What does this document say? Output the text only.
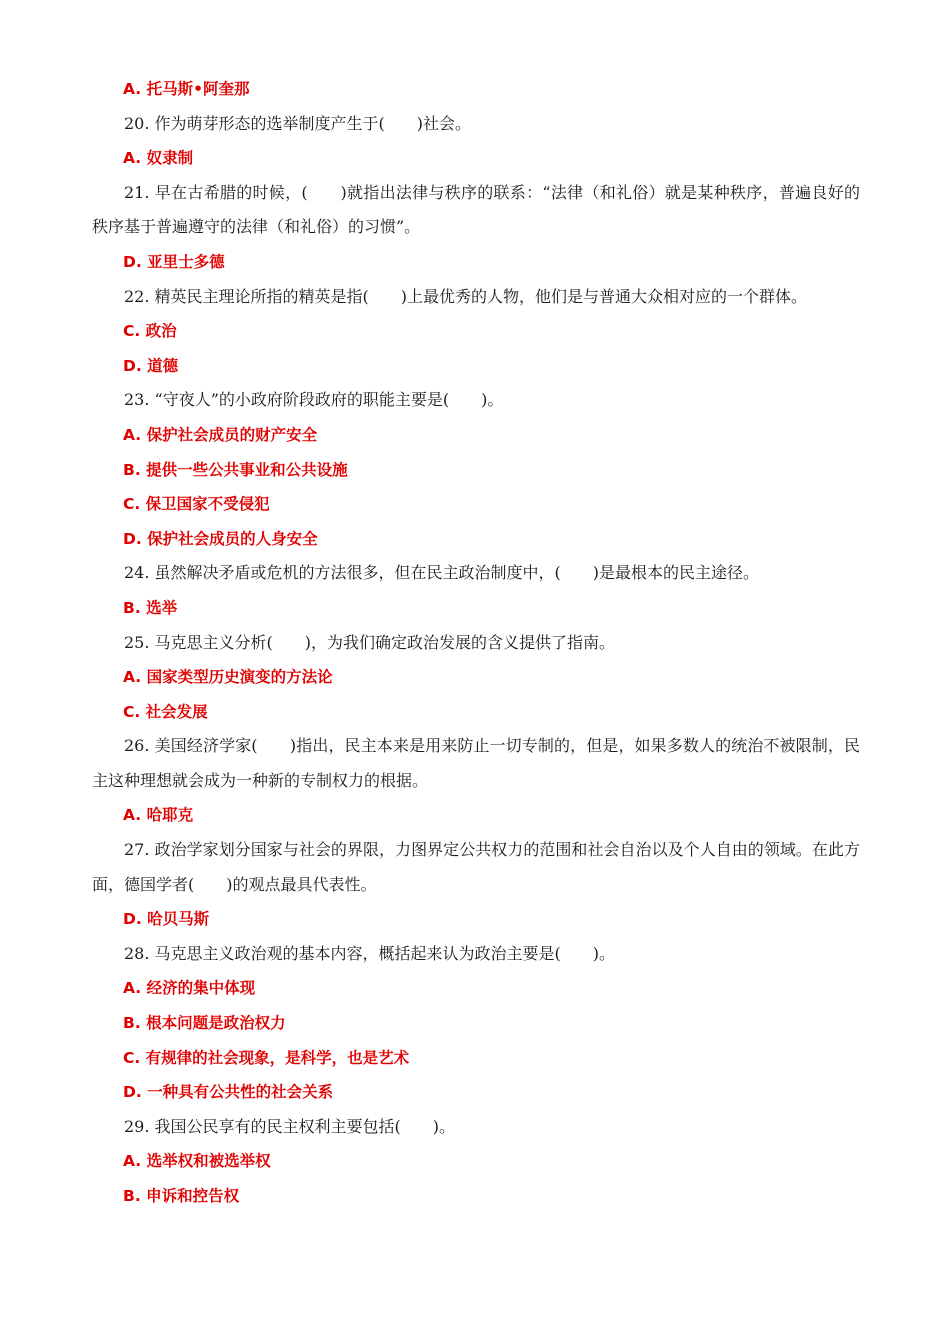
A. 托马斯•阿奎那

20. 作为萌芽形态的选举制度产生于(　　)社会。

A. 奴隶制

21. 早在古希腊的时候，(　　)就指出法律与秩序的联系：“法律（和礼俗）就是某种秩序，普遍良好的秩序基于普遍遵守的法律（和礼俗）的习惯”。

D. 亚里士多德

22. 精英民主理论所指的精英是指(　　)上最优秀的人物，他们是与普通大众相对应的一个群体。

C. 政治

D. 道德

23. “守夜人”的小政府阶段政府的职能主要是(　　)。

A. 保护社会成员的财产安全

B. 提供一些公共事业和公共设施

C. 保卫国家不受侵犯

D. 保护社会成员的人身安全

24. 虽然解决矛盾或危机的方法很多，但在民主政治制度中，(　　)是最根本的民主途径。

B. 选举

25. 马克思主义分析(　　)，为我们确定政治发展的含义提供了指南。

A. 国家类型历史演变的方法论

C. 社会发展

26. 美国经济学家(　　)指出，民主本来是用来防止一切专制的，但是，如果多数人的统治不被限制，民主这种理想就会成为一种新的专制权力的根据。

A. 哈耶克

27. 政治学家划分国家与社会的界限，力图界定公共权力的范围和社会自治以及个人自由的领域。在此方面，德国学者(　　)的观点最具代表性。

D. 哈贝马斯

28. 马克思主义政治观的基本内容，概括起来认为政治主要是(　　)。

A. 经济的集中体现

B. 根本问题是政治权力

C. 有规律的社会现象，是科学，也是艺术

D. 一种具有公共性的社会关系

29. 我国公民享有的民主权利主要包括(　　)。

A. 选举权和被选举权

B. 申诉和控告权
